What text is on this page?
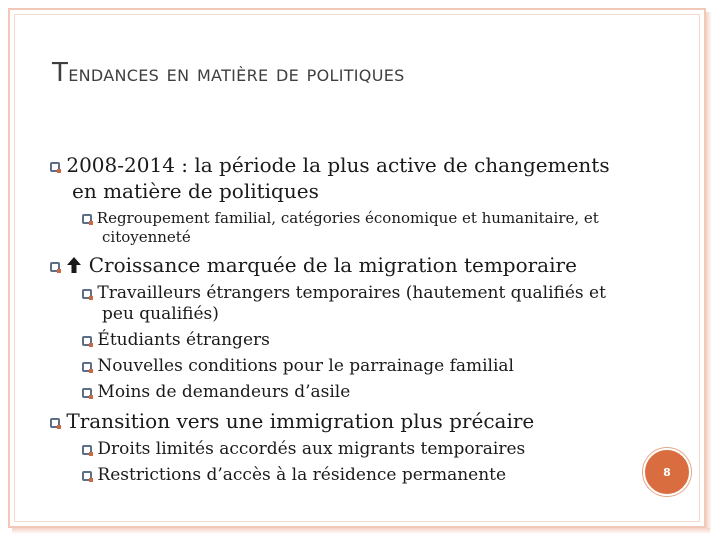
Tendances en matière de politiques
2008-2014 : la période la plus active de changements
en matière de politiques
Regroupement familial, catégories économique et humanitaire, et
citoyenneté
Croissance marquée de la migration temporaire
Travailleurs étrangers temporaires (hautement qualifiés et
peu qualifiés)
Étudiants étrangers
Nouvelles conditions pour le parrainage familial
Moins de demandeurs d’asile
Transition vers une immigration plus précaire
Droits limités accordés aux migrants temporaires
Restrictions d’accès à la résidence permanente	8
